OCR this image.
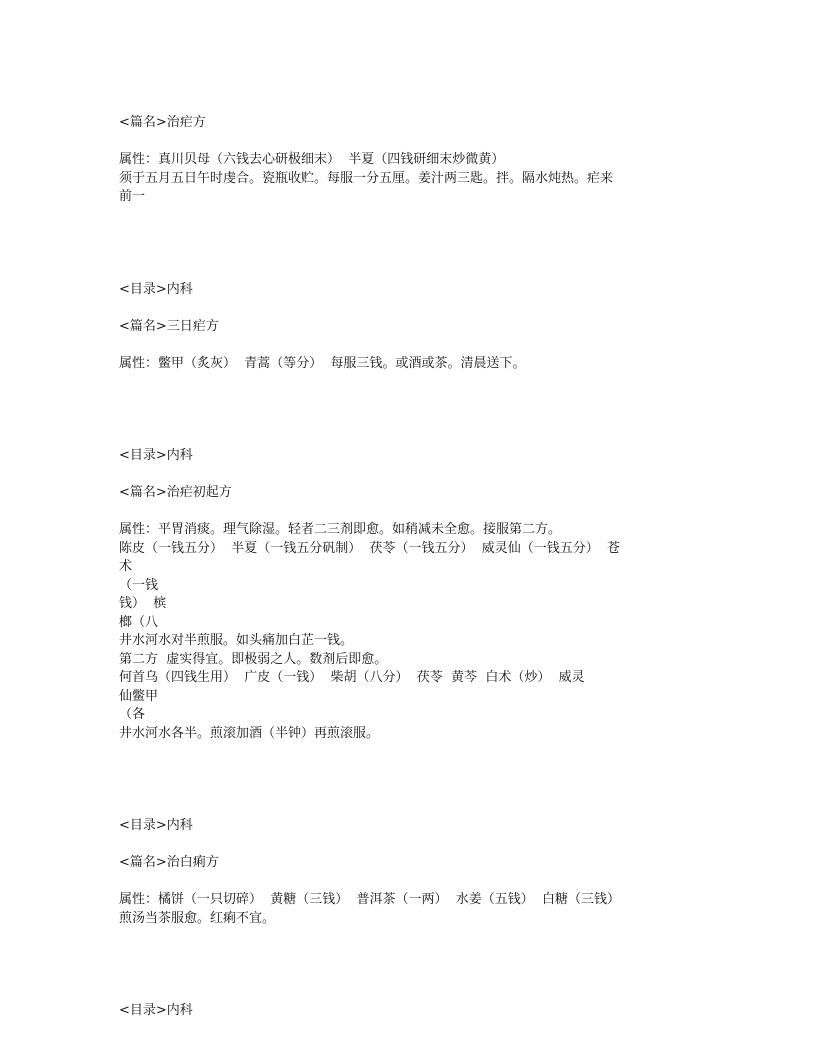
<篇名>治疟方
属性：真川贝母（六钱去心研极细末）  半夏（四钱研细末炒微黄）
须于五月五日午时虔合。瓷瓶收贮。每服一分五厘。姜汁两三匙。拌。隔水炖热。疟来
前一
<目录>内科
<篇名>三日疟方
属性：鳖甲（炙灰）  青蒿（等分）  每服三钱。或酒或茶。清晨送下。
<目录>内科
<篇名>治疟初起方
属性：平胃消痰。理气除湿。轻者二三剂即愈。如稍减未全愈。接服第二方。
陈皮（一钱五分）  半夏（一钱五分矾制）  茯苓（一钱五分）  威灵仙（一钱五分）  苍
术
（一钱
钱）  槟
榔（八
井水河水对半煎服。如头痛加白芷一钱。
第二方  虚实得宜。即极弱之人。数剂后即愈。
何首乌（四钱生用）  广皮（一钱）  柴胡（八分）  茯苓  黄芩  白术（炒）  威灵
仙鳖甲
（各
井水河水各半。煎滚加酒（半钟）再煎滚服。
<目录>内科
<篇名>治白痢方
属性：橘饼（一只切碎）  黄糖（三钱）  普洱茶（一两）  水姜（五钱）  白糖（三钱）
煎汤当茶服愈。红痢不宜。
<目录>内科
